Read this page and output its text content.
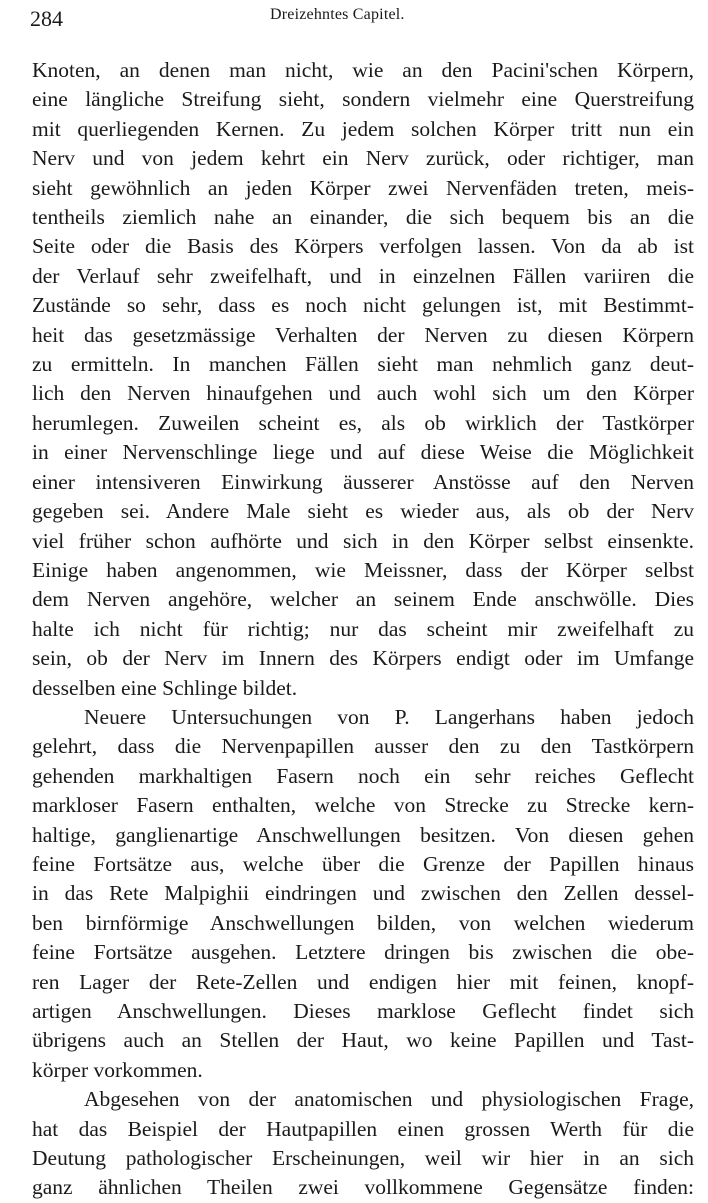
284	Dreizehntes Capitel.
Knoten, an denen man nicht, wie an den Pacini'schen Körpern,
eine längliche Streifung sieht, sondern vielmehr eine Querstreifung
mit querliegenden Kernen. Zu jedem solchen Körper tritt nun ein
Nerv und von jedem kehrt ein Nerv zurück, oder richtiger, man
sieht gewöhnlich an jeden Körper zwei Nervenfäden treten, meis-
tentheils ziemlich nahe an einander, die sich bequem bis an die
Seite oder die Basis des Körpers verfolgen lassen. Von da ab ist
der Verlauf sehr zweifelhaft, und in einzelnen Fällen variiren die
Zustände so sehr, dass es noch nicht gelungen ist, mit Bestimmt-
heit das gesetzmässige Verhalten der Nerven zu diesen Körpern
zu ermitteln. In manchen Fällen sieht man nehmlich ganz deut-
lich den Nerven hinaufgehen und auch wohl sich um den Körper
herumlegen. Zuweilen scheint es, als ob wirklich der Tastkörper
in einer Nervenschlinge liege und auf diese Weise die Möglichkeit
einer intensiveren Einwirkung äusserer Anstösse auf den Nerven
gegeben sei. Andere Male sieht es wieder aus, als ob der Nerv
viel früher schon aufhörte und sich in den Körper selbst einsenkte.
Einige haben angenommen, wie Meissner, dass der Körper selbst
dem Nerven angehöre, welcher an seinem Ende anschwölle. Dies
halte ich nicht für richtig; nur das scheint mir zweifelhaft zu
sein, ob der Nerv im Innern des Körpers endigt oder im Umfange
desselben eine Schlinge bildet.
Neuere Untersuchungen von P. Langerhans haben jedoch
gelehrt, dass die Nervenpapillen ausser den zu den Tastkörpern
gehenden markhaltigen Fasern noch ein sehr reiches Geflecht
markloser Fasern enthalten, welche von Strecke zu Strecke kern-
haltige, ganglienartige Anschwellungen besitzen. Von diesen gehen
feine Fortsätze aus, welche über die Grenze der Papillen hinaus
in das Rete Malpighii eindringen und zwischen den Zellen dessel-
ben birnförmige Anschwellungen bilden, von welchen wiederum
feine Fortsätze ausgehen. Letztere dringen bis zwischen die obe-
ren Lager der Rete-Zellen und endigen hier mit feinen, knopf-
artigen Anschwellungen. Dieses marklose Geflecht findet sich
übrigens auch an Stellen der Haut, wo keine Papillen und Tast-
körper vorkommen.
Abgesehen von der anatomischen und physiologischen Frage,
hat das Beispiel der Hautpapillen einen grossen Werth für die
Deutung pathologischer Erscheinungen, weil wir hier in an sich
ganz ähnlichen Theilen zwei vollkommene Gegensätze finden:
